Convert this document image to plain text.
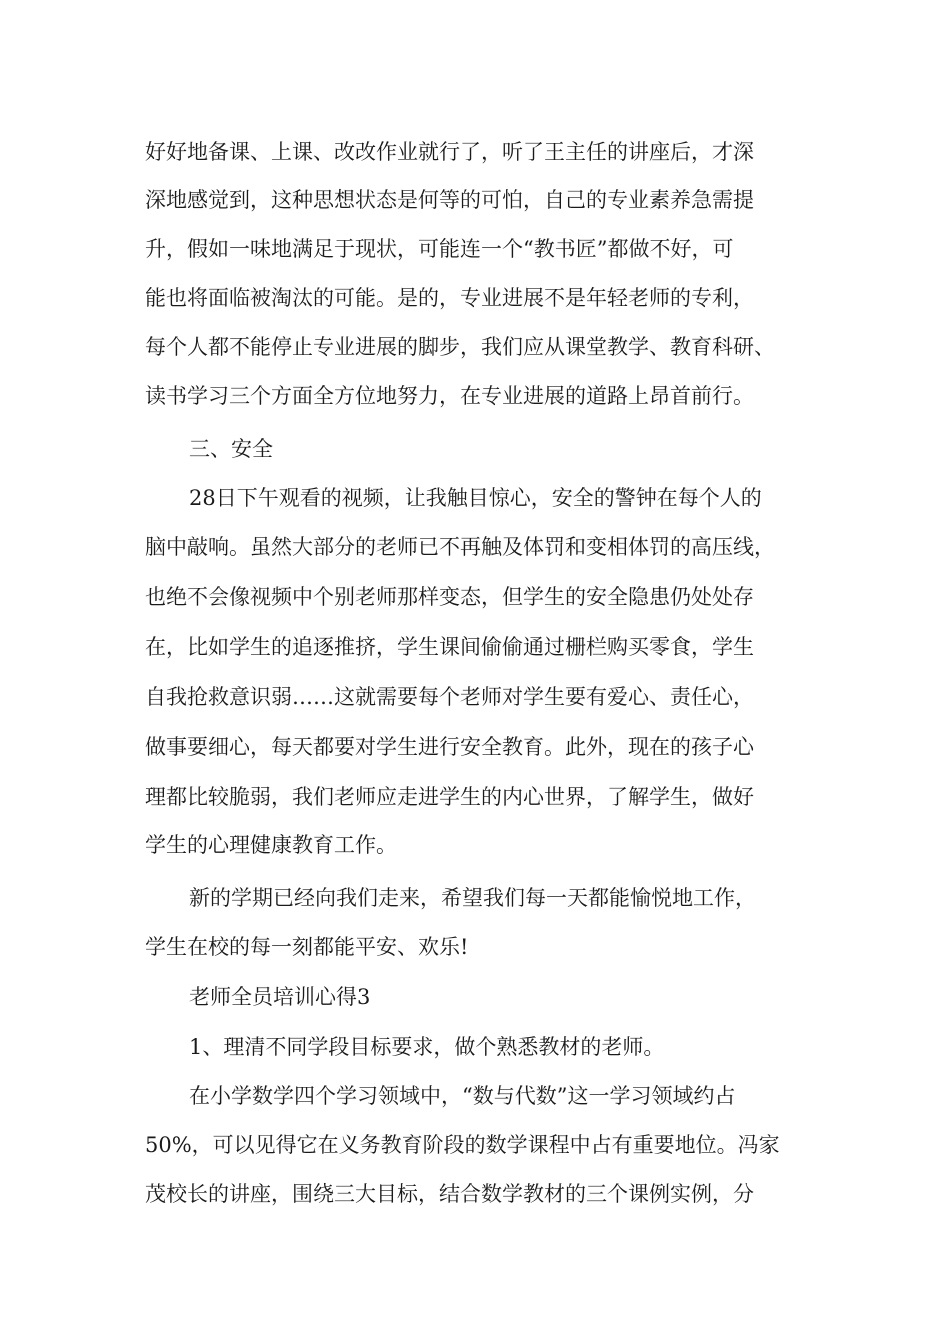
好好地备课、上课、改改作业就行了，听了王主任的讲座后，才深
深地感觉到，这种思想状态是何等的可怕，自己的专业素养急需提
升，假如一味地满足于现状，可能连一个“教书匠”都做不好，可
能也将面临被淘汰的可能。是的，专业进展不是年轻老师的专利，
每个人都不能停止专业进展的脚步，我们应从课堂教学、教育科研、
读书学习三个方面全方位地努力，在专业进展的道路上昂首前行。
三、安全
28日下午观看的视频，让我触目惊心，安全的警钟在每个人的
脑中敲响。虽然大部分的老师已不再触及体罚和变相体罚的高压线，
也绝不会像视频中个别老师那样变态，但学生的安全隐患仍处处存
在，比如学生的追逐推挤，学生课间偷偷通过栅栏购买零食，学生
自我抢救意识弱……这就需要每个老师对学生要有爱心、责任心，
做事要细心，每天都要对学生进行安全教育。此外，现在的孩子心
理都比较脆弱，我们老师应走进学生的内心世界，了解学生，做好
学生的心理健康教育工作。
新的学期已经向我们走来，希望我们每一天都能愉悦地工作，
学生在校的每一刻都能平安、欢乐!
老师全员培训心得3
1、理清不同学段目标要求，做个熟悉教材的老师。
在小学数学四个学习领域中，“数与代数”这一学习领域约占
50%，可以见得它在义务教育阶段的数学课程中占有重要地位。冯家
茂校长的讲座，围绕三大目标，结合数学教材的三个课例实例，分
